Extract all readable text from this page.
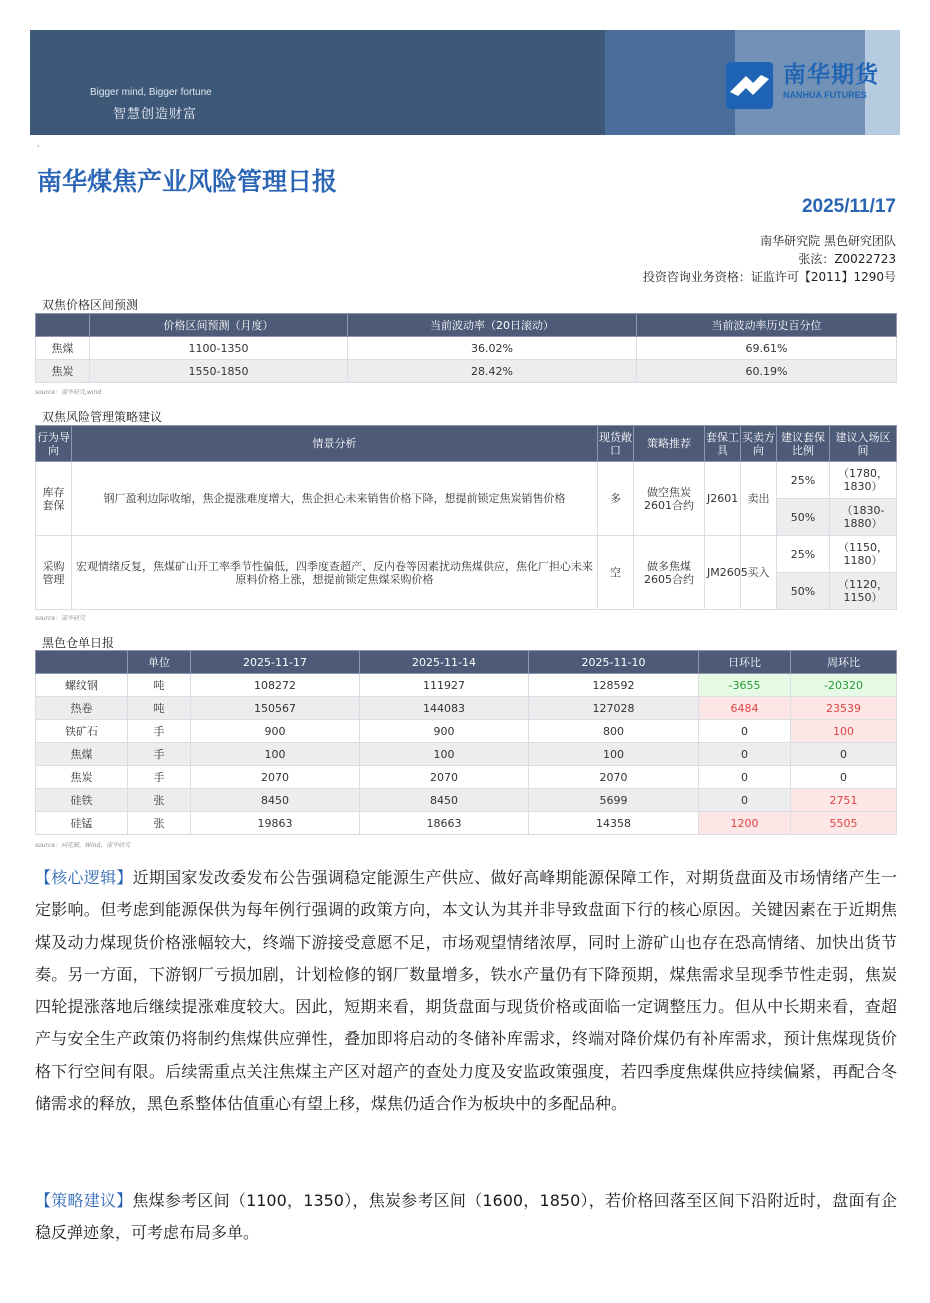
Bigger mind, Bigger fortune
智慧创造财富
南华期货
NANHUA FUTURES
·
南华煤焦产业风险管理日报
2025/11/17
南华研究院 黑色研究团队
张泫：Z0022723
投资咨询业务资格：证监许可【2011】1290号
双焦价格区间预测
	价格区间预测（月度）	当前波动率（20日滚动）	当前波动率历史百分位
焦煤	1100-1350	36.02%	69.61%
焦炭	1550-1850	28.42%	60.19%
source：南华研究,wind
双焦风险管理策略建议
行为导向	情景分析	现货敞口	策略推荐	套保工具	买卖方向	建议套保比例	建议入场区间
库存套保	钢厂盈利边际收缩，焦企提涨难度增大，焦企担心未来销售价格下降，想提前锁定焦炭销售价格	多	做空焦炭2601合约	J2601	卖出	25%	（1780，1830）
						50%	（1830-1880）
采购管理	宏观情绪反复，焦煤矿山开工率季节性偏低，四季度查超产、反内卷等因素扰动焦煤供应，焦化厂担心未来原料价格上涨，想提前锁定焦煤采购价格	空	做多焦煤2605合约	JM2605	买入	25%	（1150，1180）
						50%	（1120，1150）
source：南华研究
黑色仓单日报
	单位	2025-11-17	2025-11-14	2025-11-10	日环比	周环比
螺纹钢	吨	108272	111927	128592	-3655	-20320
热卷	吨	150567	144083	127028	6484	23539
铁矿石	手	900	900	800	0	100
焦煤	手	100	100	100	0	0
焦炭	手	2070	2070	2070	0	0
硅铁	张	8450	8450	5699	0	2751
硅锰	张	19863	18663	14358	1200	5505
source：同花顺，Wind，南华研究
【核心逻辑】近期国家发改委发布公告强调稳定能源生产供应、做好高峰期能源保障工作，对期货盘面及市场情绪产生一定影响。但考虑到能源保供为每年例行强调的政策方向，本文认为其并非导致盘面下行的核心原因。关键因素在于近期焦煤及动力煤现货价格涨幅较大，终端下游接受意愿不足，市场观望情绪浓厚，同时上游矿山也存在恐高情绪、加快出货节奏。另一方面，下游钢厂亏损加剧，计划检修的钢厂数量增多，铁水产量仍有下降预期，煤焦需求呈现季节性走弱，焦炭四轮提涨落地后继续提涨难度较大。因此，短期来看，期货盘面与现货价格或面临一定调整压力。但从中长期来看，查超产与安全生产政策仍将制约焦煤供应弹性，叠加即将启动的冬储补库需求，终端对降价煤仍有补库需求，预计焦煤现货价格下行空间有限。后续需重点关注焦煤主产区对超产的查处力度及安监政策强度，若四季度焦煤供应持续偏紧，再配合冬储需求的释放，黑色系整体估值重心有望上移，煤焦仍适合作为板块中的多配品种。
【策略建议】焦煤参考区间（1100，1350），焦炭参考区间（1600，1850），若价格回落至区间下沿附近时，盘面有企稳反弹迹象，可考虑布局多单。
